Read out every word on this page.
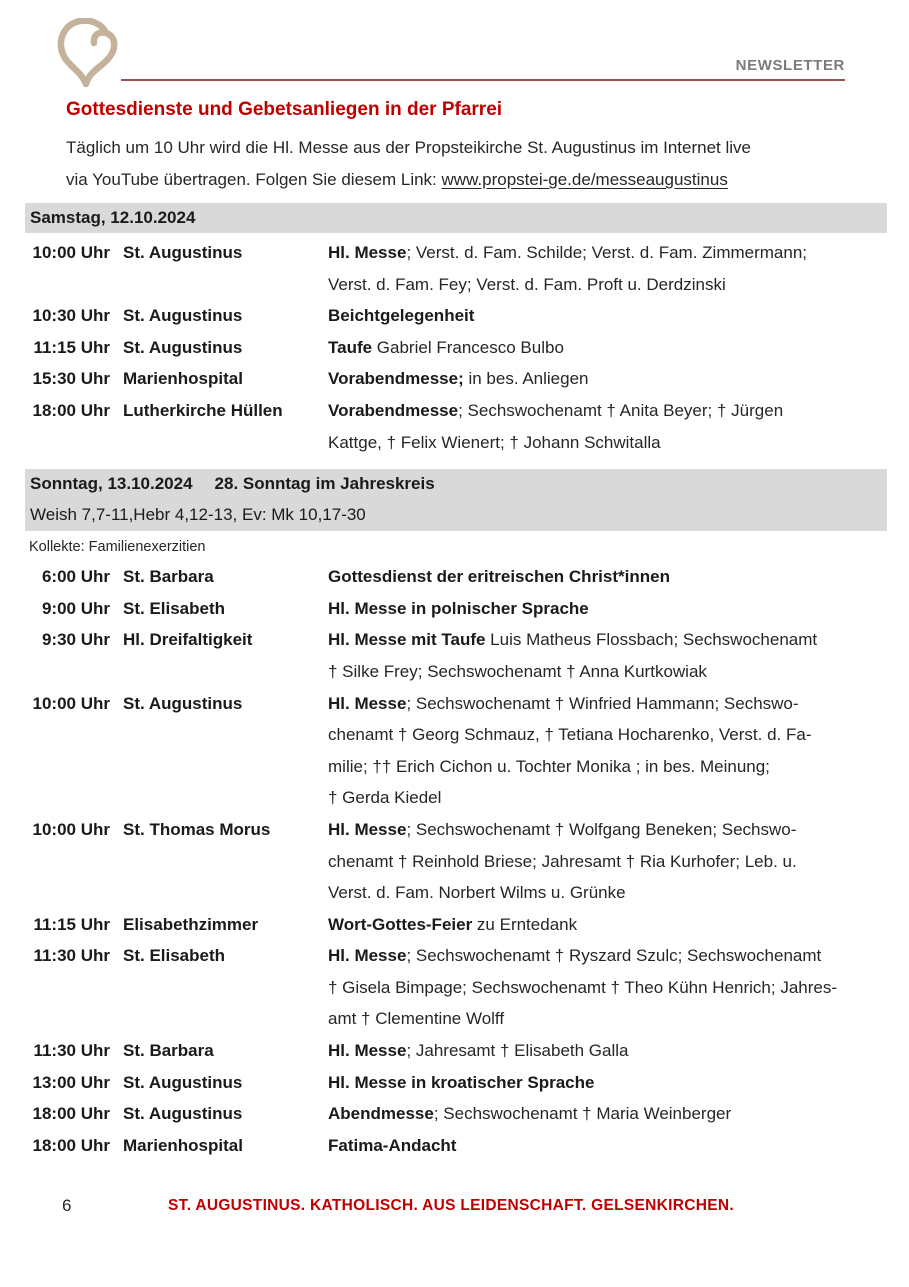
NEWSLETTER
Gottesdienste und Gebetsanliegen in der Pfarrei
Täglich um 10 Uhr wird die Hl. Messe aus der Propsteikirche St. Augustinus im Internet live
via YouTube übertragen. Folgen Sie diesem Link: www.propstei-ge.de/messeaugustinus
Samstag, 12.10.2024
10:00 Uhr St. Augustinus	Hl. Messe; Verst. d. Fam. Schilde; Verst. d. Fam. Zimmermann;
Verst. d. Fam. Fey; Verst. d. Fam. Proft u. Derdzinski
10:30 Uhr St. Augustinus	Beichtgelegenheit
11:15 Uhr St. Augustinus	Taufe Gabriel Francesco Bulbo
15:30 Uhr Marienhospital	Vorabendmesse; in bes. Anliegen
18:00 Uhr Lutherkirche Hüllen	Vorabendmesse; Sechswochenamt † Anita Beyer; † Jürgen
Kattge, † Felix Wienert; † Johann Schwitalla
Sonntag, 13.10.2024 28. Sonntag im Jahreskreis
Weish 7,7-11,Hebr 4,12-13, Ev: Mk 10,17-30
Kollekte: Familienexerzitien
6:00 Uhr St. Barbara	Gottesdienst der eritreischen Christ*innen
9:00 Uhr St. Elisabeth	Hl. Messe in polnischer Sprache
9:30 Uhr Hl. Dreifaltigkeit	Hl. Messe mit Taufe Luis Matheus Flossbach; Sechswochenamt
† Silke Frey; Sechswochenamt † Anna Kurtkowiak
10:00 Uhr St. Augustinus	Hl. Messe; Sechswochenamt † Winfried Hammann; Sechswo-
chenamt † Georg Schmauz, † Tetiana Hocharenko, Verst. d. Fa-
milie; †† Erich Cichon u. Tochter Monika ; in bes. Meinung;
† Gerda Kiedel
10:00 Uhr St. Thomas Morus	Hl. Messe; Sechswochenamt † Wolfgang Beneken; Sechswo-
chenamt † Reinhold Briese; Jahresamt † Ria Kurhofer; Leb. u.
Verst. d. Fam. Norbert Wilms u. Grünke
11:15 Uhr Elisabethzimmer	Wort-Gottes-Feier zu Erntedank
11:30 Uhr St. Elisabeth	Hl. Messe; Sechswochenamt † Ryszard Szulc; Sechswochenamt
† Gisela Bimpage; Sechswochenamt † Theo Kühn Henrich; Jahres-
amt † Clementine Wolff
11:30 Uhr St. Barbara	Hl. Messe; Jahresamt † Elisabeth Galla
13:00 Uhr St. Augustinus	Hl. Messe in kroatischer Sprache
18:00 Uhr St. Augustinus	Abendmesse; Sechswochenamt † Maria Weinberger
18:00 Uhr Marienhospital	Fatima-Andacht
6	ST. AUGUSTINUS. KATHOLISCH. AUS LEIDENSCHAFT. GELSENKIRCHEN.
